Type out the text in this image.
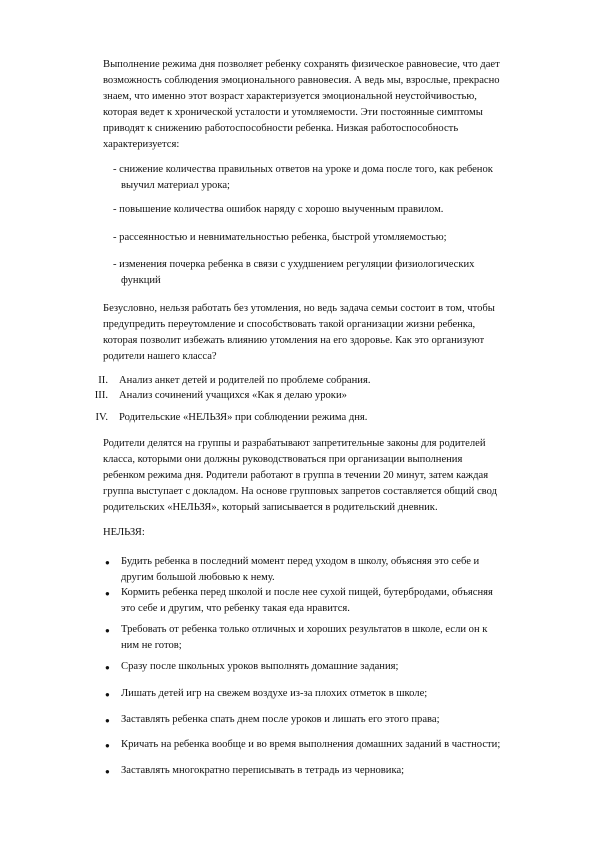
Выполнение режима дня позволяет ребенку сохранять физическое равновесие, что дает
возможность соблюдения эмоционального равновесия. А ведь мы, взрослые, прекрасно
знаем, что именно этот возраст характеризуется эмоциональной неустойчивостью,
которая ведет к хронической усталости и утомляемости. Эти постоянные симптомы
приводят к снижению работоспособности ребенка. Низкая работоспособность
характеризуется:
- снижение количества правильных ответов на уроке и дома после того, как ребенок
выучил материал урока;
- повышение количества ошибок наряду с хорошо выученным правилом.
- рассеянностью и невнимательностью ребенка, быстрой утомляемостью;
- изменения почерка ребенка в связи с ухудшением регуляции физиологических
функций
Безусловно, нельзя работать без утомления, но ведь задача семьи состоит в том, чтобы
предупредить переутомление и способствовать такой организации жизни ребенка,
которая позволит избежать влиянию утомления на его здоровье. Как это организуют
родители нашего класса?
II. Анализ анкет детей и родителей по проблеме собрания.
III. Анализ сочинений учащихся «Как я делаю уроки»
IV. Родительские «НЕЛЬЗЯ» при соблюдении режима дня.
Родители делятся на группы и разрабатывают запретительные законы для родителей
класса, которыми они должны руководствоваться при организации выполнения
ребенком режима дня. Родители работают в группа в течении 20 минут, затем каждая
группа выступает с докладом. На основе групповых запретов составляется общий свод
родительских «НЕЛЬЗЯ», который записывается в родительский дневник.
НЕЛЬЗЯ:
● Будить ребенка в последний момент перед уходом в школу, объясняя это себе и
другим большой любовью к нему.
● Кормить ребенка перед школой и после нее сухой пищей, бутербродами, объясняя
это себе и другим, что ребенку такая еда нравится.
● Требовать от ребенка только отличных и хороших результатов в школе, если он к
ним не готов;
● Сразу после школьных уроков выполнять домашние задания;
● Лишать детей игр на свежем воздухе из-за плохих отметок в школе;
● Заставлять ребенка спать днем после уроков и лишать его этого права;
● Кричать на ребенка вообще и во время выполнения домашних заданий в частности;
● Заставлять многократно переписывать в тетрадь из черновика;
